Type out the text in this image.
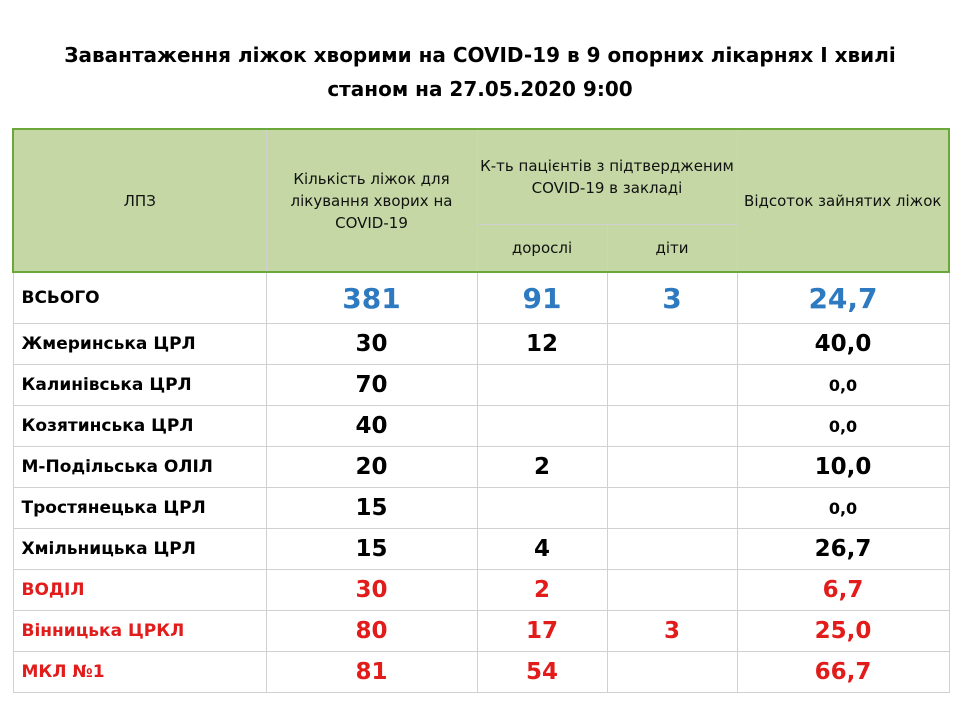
Завантаження ліжок хворими на COVID-19 в 9 опорних лікарнях І хвилі
станом на 27.05.2020 9:00
ЛПЗ	Кількість ліжок для лікування хворих на COVID-19	К-ть пацієнтів з підтвердженим COVID-19 в закладі		Відсоток зайнятих ліжок
		дорослі	діти	
ВСЬОГО	381	91	3	24,7
Жмеринська ЦРЛ	30	12		40,0
Калинівська ЦРЛ	70			0,0
Козятинська ЦРЛ	40			0,0
М-Подільська ОЛІЛ	20	2		10,0
Тростянецька ЦРЛ	15			0,0
Хмільницька ЦРЛ	15	4		26,7
ВОДІЛ	30	2		6,7
Вінницька ЦРКЛ	80	17	3	25,0
МКЛ №1	81	54		66,7
